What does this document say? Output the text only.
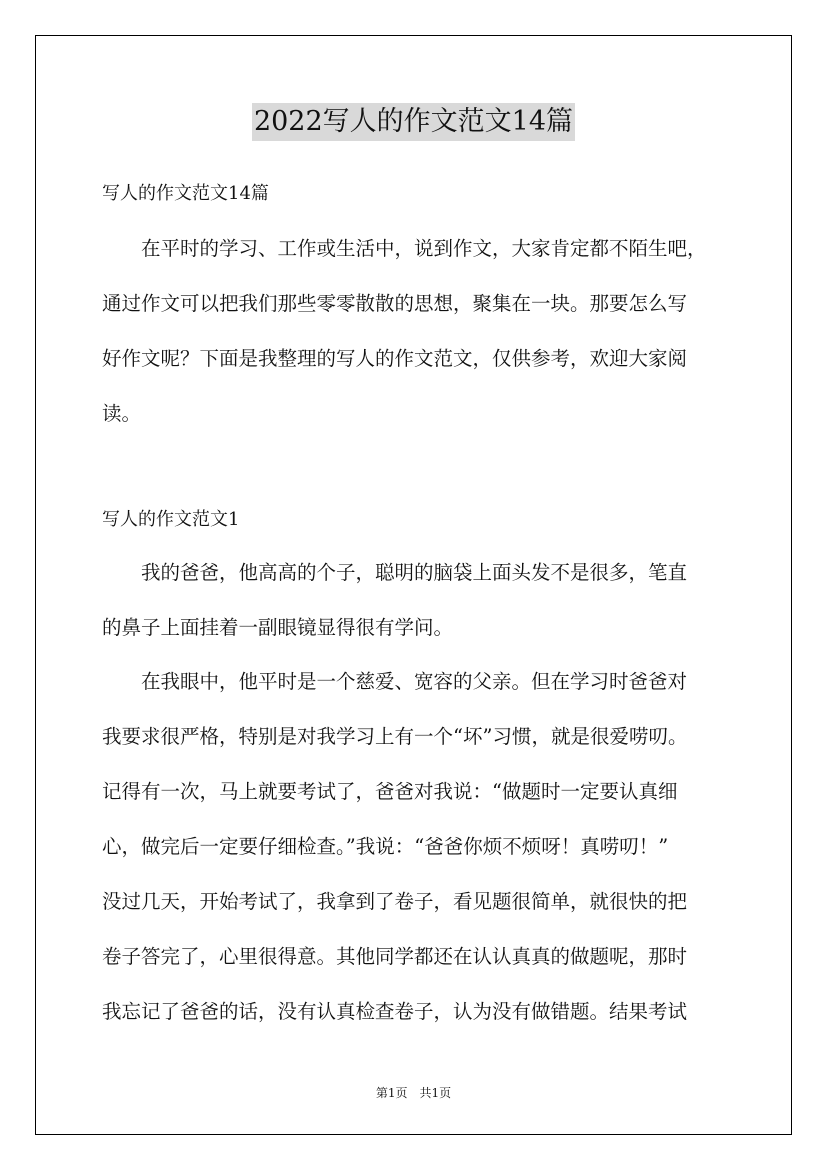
2022写人的作文范文14篇
写人的作文范文14篇
　　在平时的学习、工作或生活中，说到作文，大家肯定都不陌生吧，
通过作文可以把我们那些零零散散的思想，聚集在一块。那要怎么写
好作文呢？下面是我整理的写人的作文范文，仅供参考，欢迎大家阅
读。
写人的作文范文1
　　我的爸爸，他高高的个子，聪明的脑袋上面头发不是很多，笔直
的鼻子上面挂着一副眼镜显得很有学问。
　　在我眼中，他平时是一个慈爱、宽容的父亲。但在学习时爸爸对
我要求很严格，特别是对我学习上有一个“坏”习惯，就是很爱唠叨。
记得有一次，马上就要考试了，爸爸对我说：“做题时一定要认真细
心，做完后一定要仔细检查。”我说：“爸爸你烦不烦呀！真唠叨！”
没过几天，开始考试了，我拿到了卷子，看见题很简单，就很快的把
卷子答完了，心里很得意。其他同学都还在认认真真的做题呢，那时
我忘记了爸爸的话，没有认真检查卷子，认为没有做错题。结果考试
第1页　共1页
